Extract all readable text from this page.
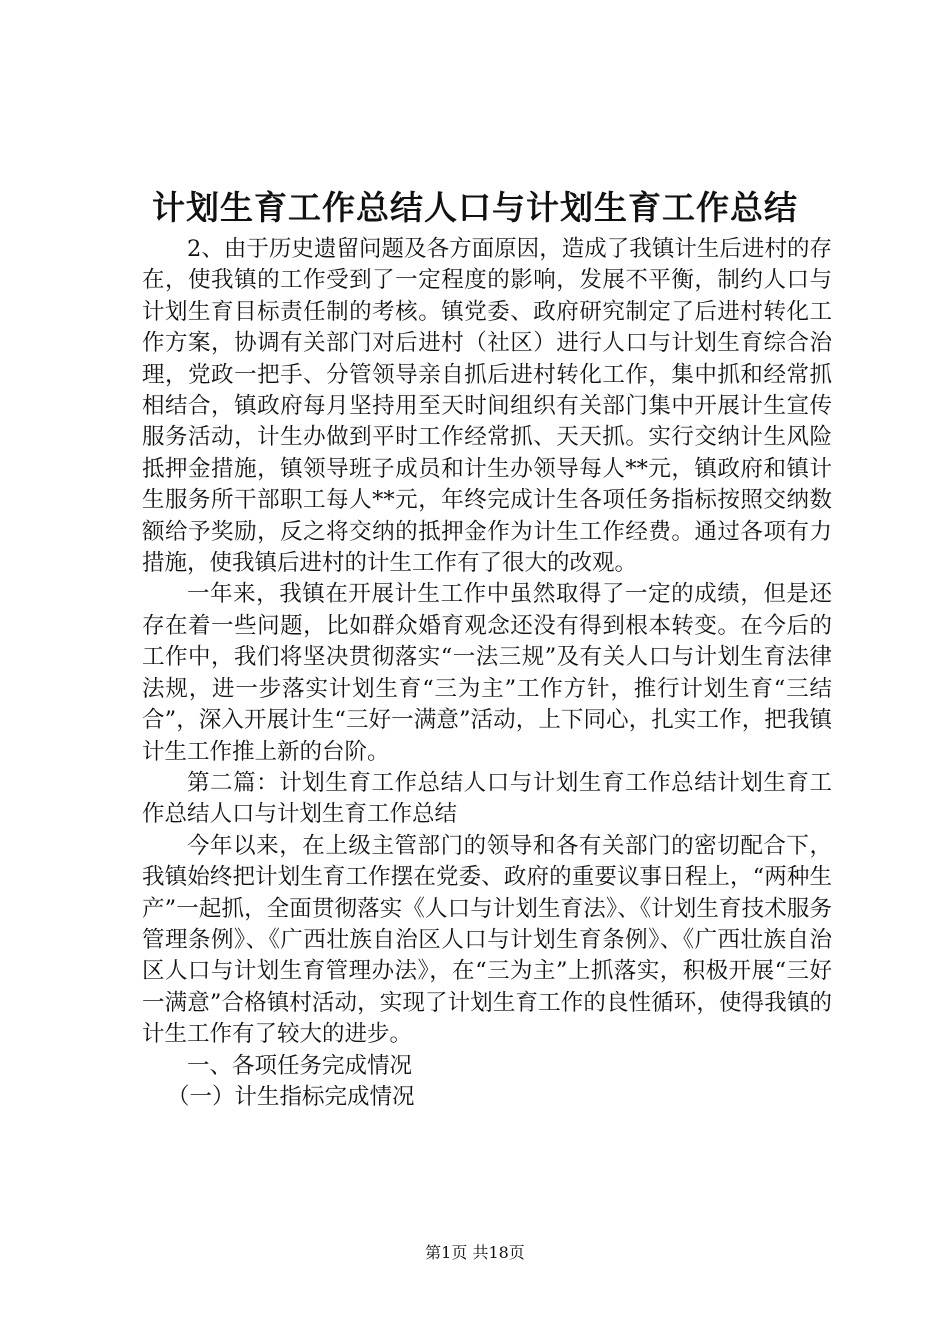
计划生育工作总结人口与计划生育工作总结

2、由于历史遗留问题及各方面原因，造成了我镇计生后进村的存在，使我镇的工作受到了一定程度的影响，发展不平衡，制约人口与计划生育目标责任制的考核。镇党委、政府研究制定了后进村转化工作方案，协调有关部门对后进村（社区）进行人口与计划生育综合治理，党政一把手、分管领导亲自抓后进村转化工作，集中抓和经常抓相结合，镇政府每月坚持用至天时间组织有关部门集中开展计生宣传服务活动，计生办做到平时工作经常抓、天天抓。实行交纳计生风险抵押金措施，镇领导班子成员和计生办领导每人**元，镇政府和镇计生服务所干部职工每人**元，年终完成计生各项任务指标按照交纳数额给予奖励，反之将交纳的抵押金作为计生工作经费。通过各项有力措施，使我镇后进村的计生工作有了很大的改观。

一年来，我镇在开展计生工作中虽然取得了一定的成绩，但是还存在着一些问题，比如群众婚育观念还没有得到根本转变。在今后的工作中，我们将坚决贯彻落实“一法三规”及有关人口与计划生育法律法规，进一步落实计划生育“三为主”工作方针，推行计划生育“三结合”，深入开展计生“三好一满意”活动，上下同心，扎实工作，把我镇计生工作推上新的台阶。

第二篇：计划生育工作总结人口与计划生育工作总结计划生育工作总结人口与计划生育工作总结

今年以来，在上级主管部门的领导和各有关部门的密切配合下，我镇始终把计划生育工作摆在党委、政府的重要议事日程上，“两种生产”一起抓，全面贯彻落实《人口与计划生育法》、《计划生育技术服务管理条例》、《广西壮族自治区人口与计划生育条例》、《广西壮族自治区人口与计划生育管理办法》，在“三为主”上抓落实，积极开展“三好一满意”合格镇村活动，实现了计划生育工作的良性循环，使得我镇的计生工作有了较大的进步。

一、各项任务完成情况

（一）计生指标完成情况

第1页 共18页
